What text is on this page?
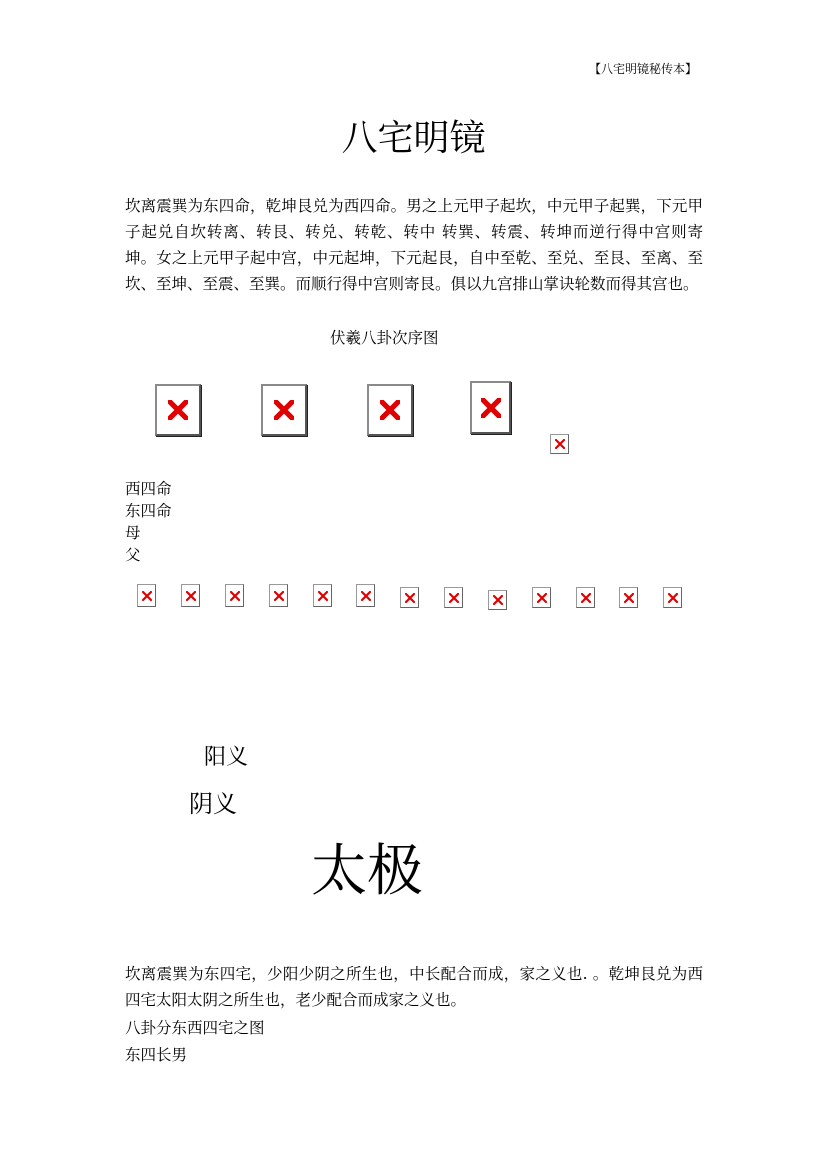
【八宅明镜秘传本】
八宅明镜
坎离震巽为东四命，乾坤艮兑为西四命。男之上元甲子起坎，中元甲子起巽，下元甲子起兑自坎转离、转艮、转兑、转乾、转中 转巽、转震、转坤而逆行得中宫则寄坤。女之上元甲子起中宫，中元起坤，下元起艮，自中至乾、至兑、至艮、至离、至坎、至坤、至震、至巽。而顺行得中宫则寄艮。俱以九宫排山掌诀轮数而得其宫也。
伏羲八卦次序图
西四命
东四命
母
父
阳义
阴义
太极
坎离震巽为东四宅，少阳少阴之所生也，中长配合而成，家之义也. 。乾坤艮兑为西四宅太阳太阴之所生也，老少配合而成家之义也。
八卦分东西四宅之图
东四长男
